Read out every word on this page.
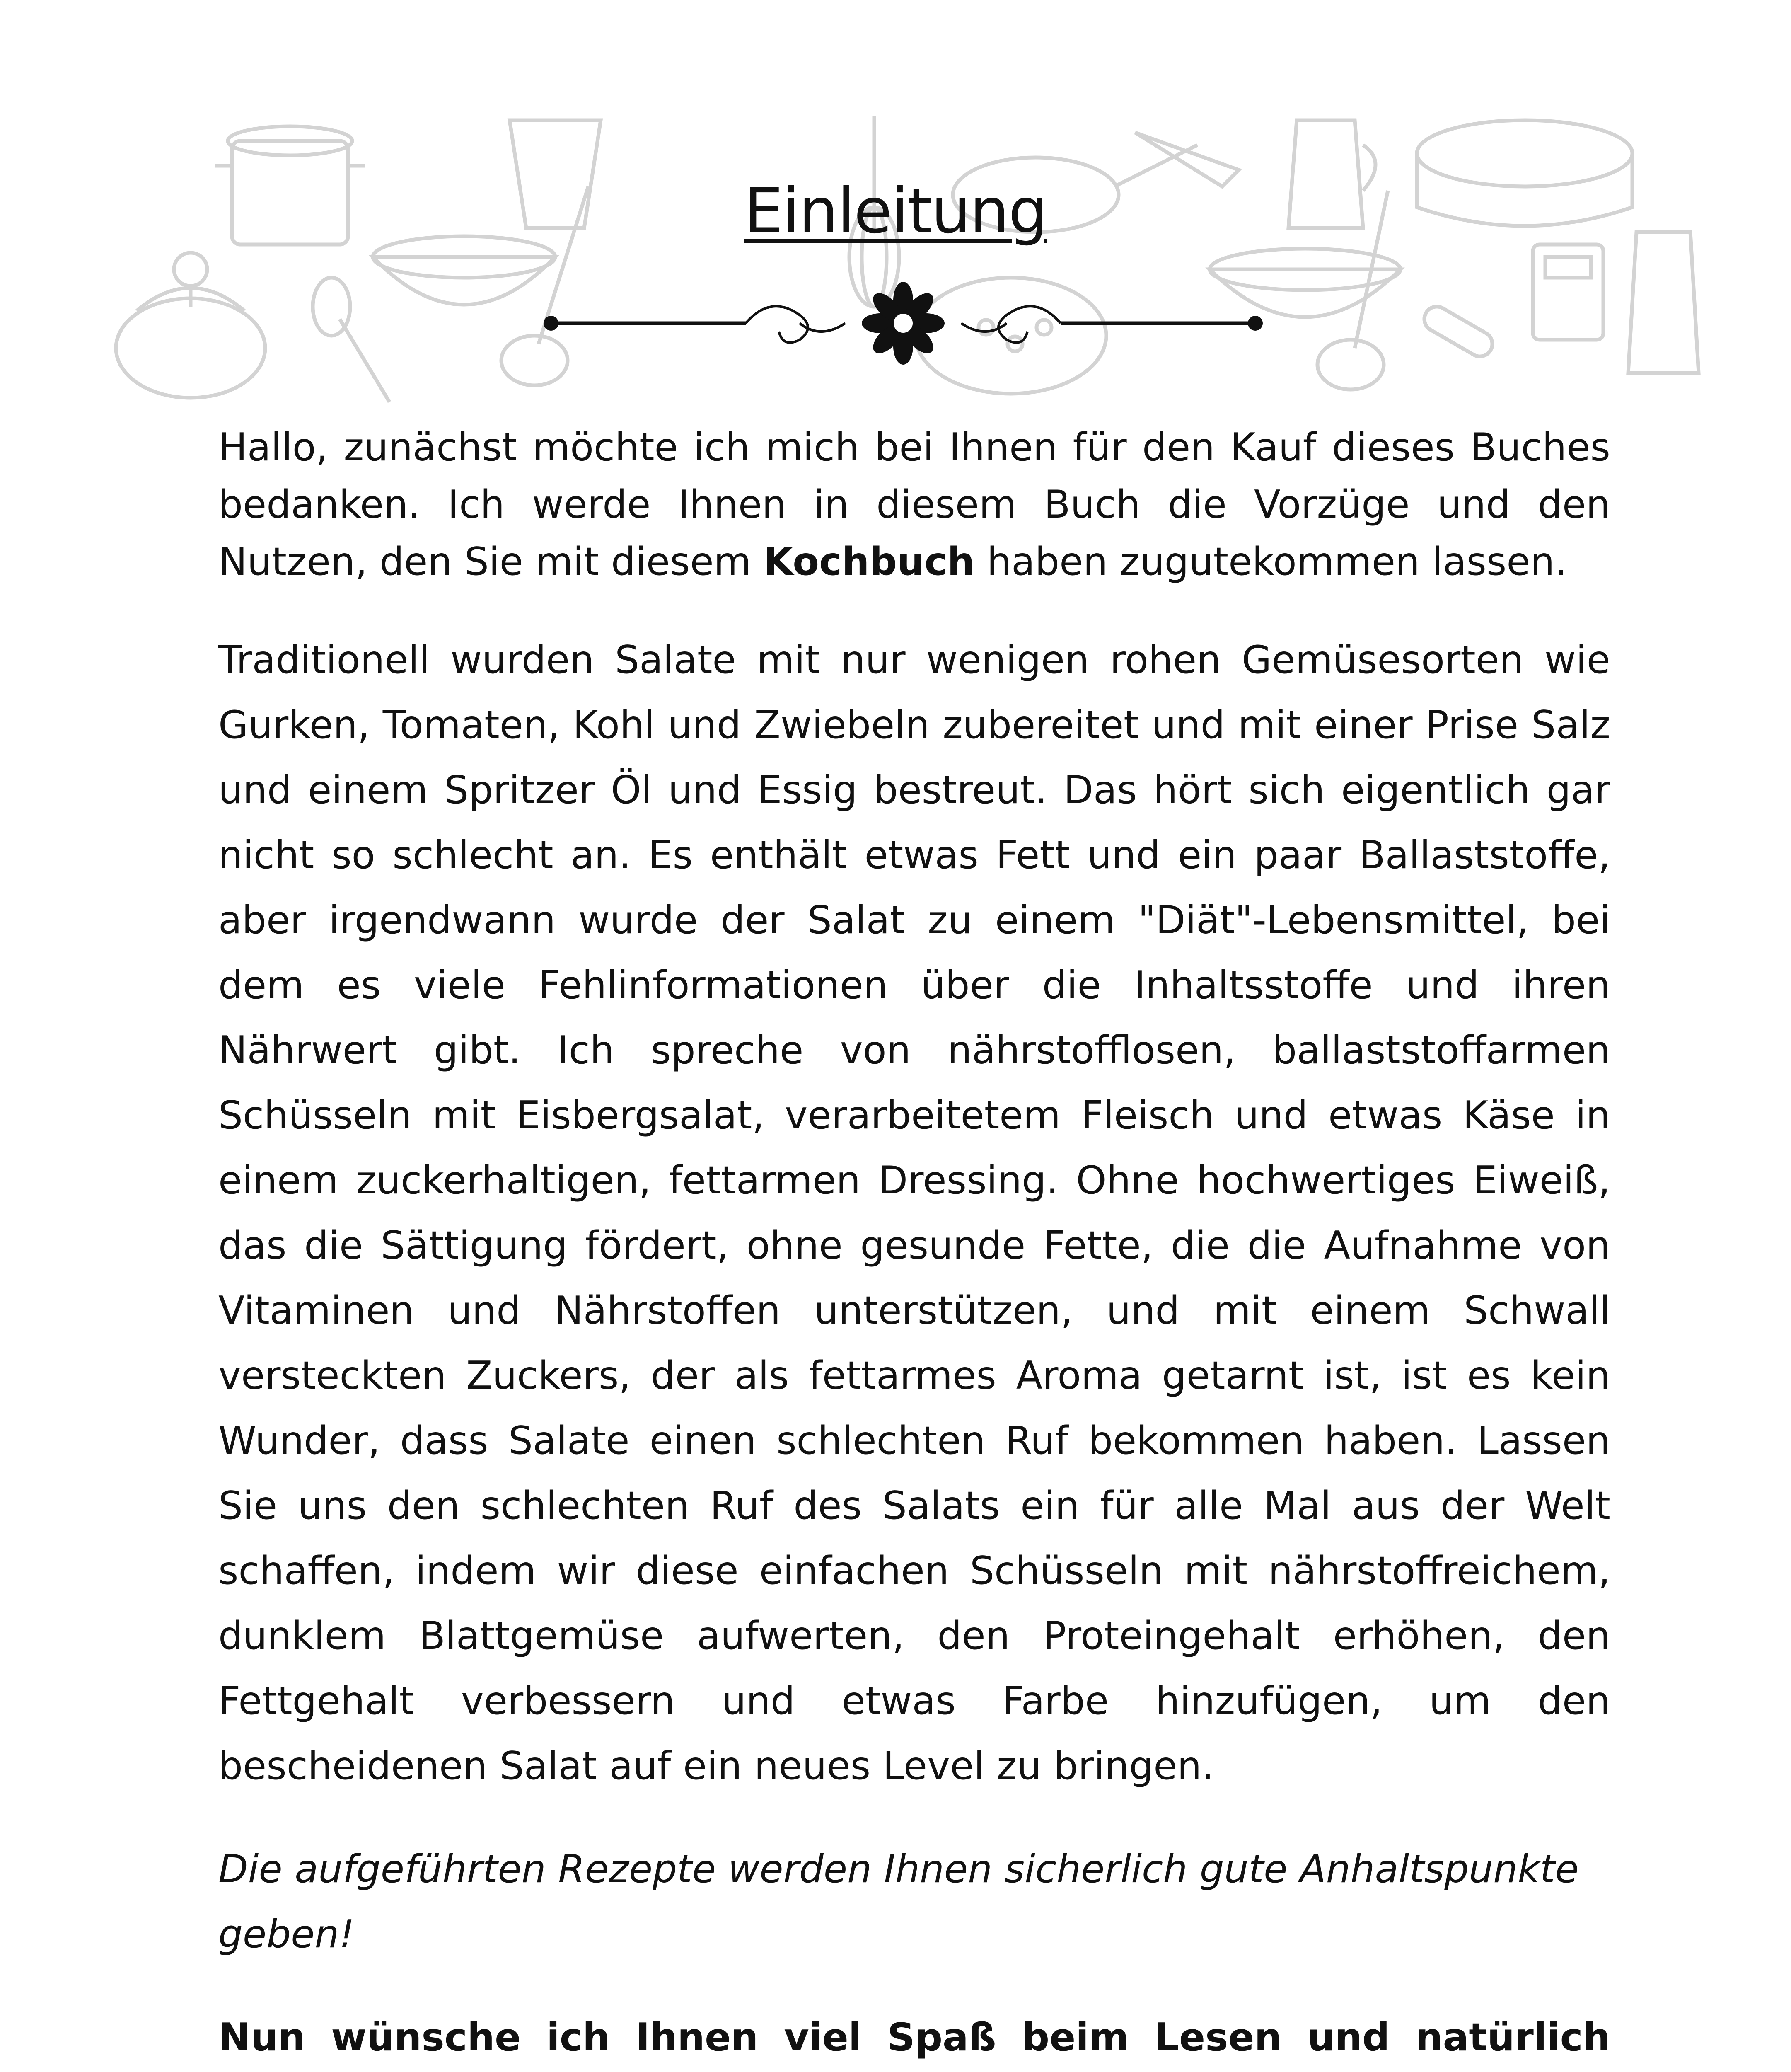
Einleitung

Hallo, zunächst möchte ich mich bei Ihnen für den Kauf dieses Buches bedanken. Ich werde Ihnen in diesem Buch die Vorzüge und den Nutzen, den Sie mit diesem Kochbuch haben zugutekommen lassen.

Traditionell wurden Salate mit nur wenigen rohen Gemüsesorten wie Gurken, Tomaten, Kohl und Zwiebeln zubereitet und mit einer Prise Salz und einem Spritzer Öl und Essig bestreut. Das hört sich eigentlich gar nicht so schlecht an. Es enthält etwas Fett und ein paar Ballaststoffe, aber irgendwann wurde der Salat zu einem "Diät"-Lebensmittel, bei dem es viele Fehlinformationen über die Inhaltsstoffe und ihren Nährwert gibt. Ich spreche von nährstofflosen, ballaststoffarmen Schüsseln mit Eisbergsalat, verarbeitetem Fleisch und etwas Käse in einem zuckerhaltigen, fettarmen Dressing. Ohne hochwertiges Eiweiß, das die Sättigung fördert, ohne gesunde Fette, die die Aufnahme von Vitaminen und Nährstoffen unterstützen, und mit einem Schwall versteckten Zuckers, der als fettarmes Aroma getarnt ist, ist es kein Wunder, dass Salate einen schlechten Ruf bekommen haben. Lassen Sie uns den schlechten Ruf des Salats ein für alle Mal aus der Welt schaffen, indem wir diese einfachen Schüsseln mit nährstoffreichem, dunklem Blattgemüse aufwerten, den Proteingehalt erhöhen, den Fettgehalt verbessern und etwas Farbe hinzufügen, um den bescheidenen Salat auf ein neues Level zu bringen.

Die aufgeführten Rezepte werden Ihnen sicherlich gute Anhaltspunkte geben!

Nun wünsche ich Ihnen viel Spaß beim Lesen und natürlich
